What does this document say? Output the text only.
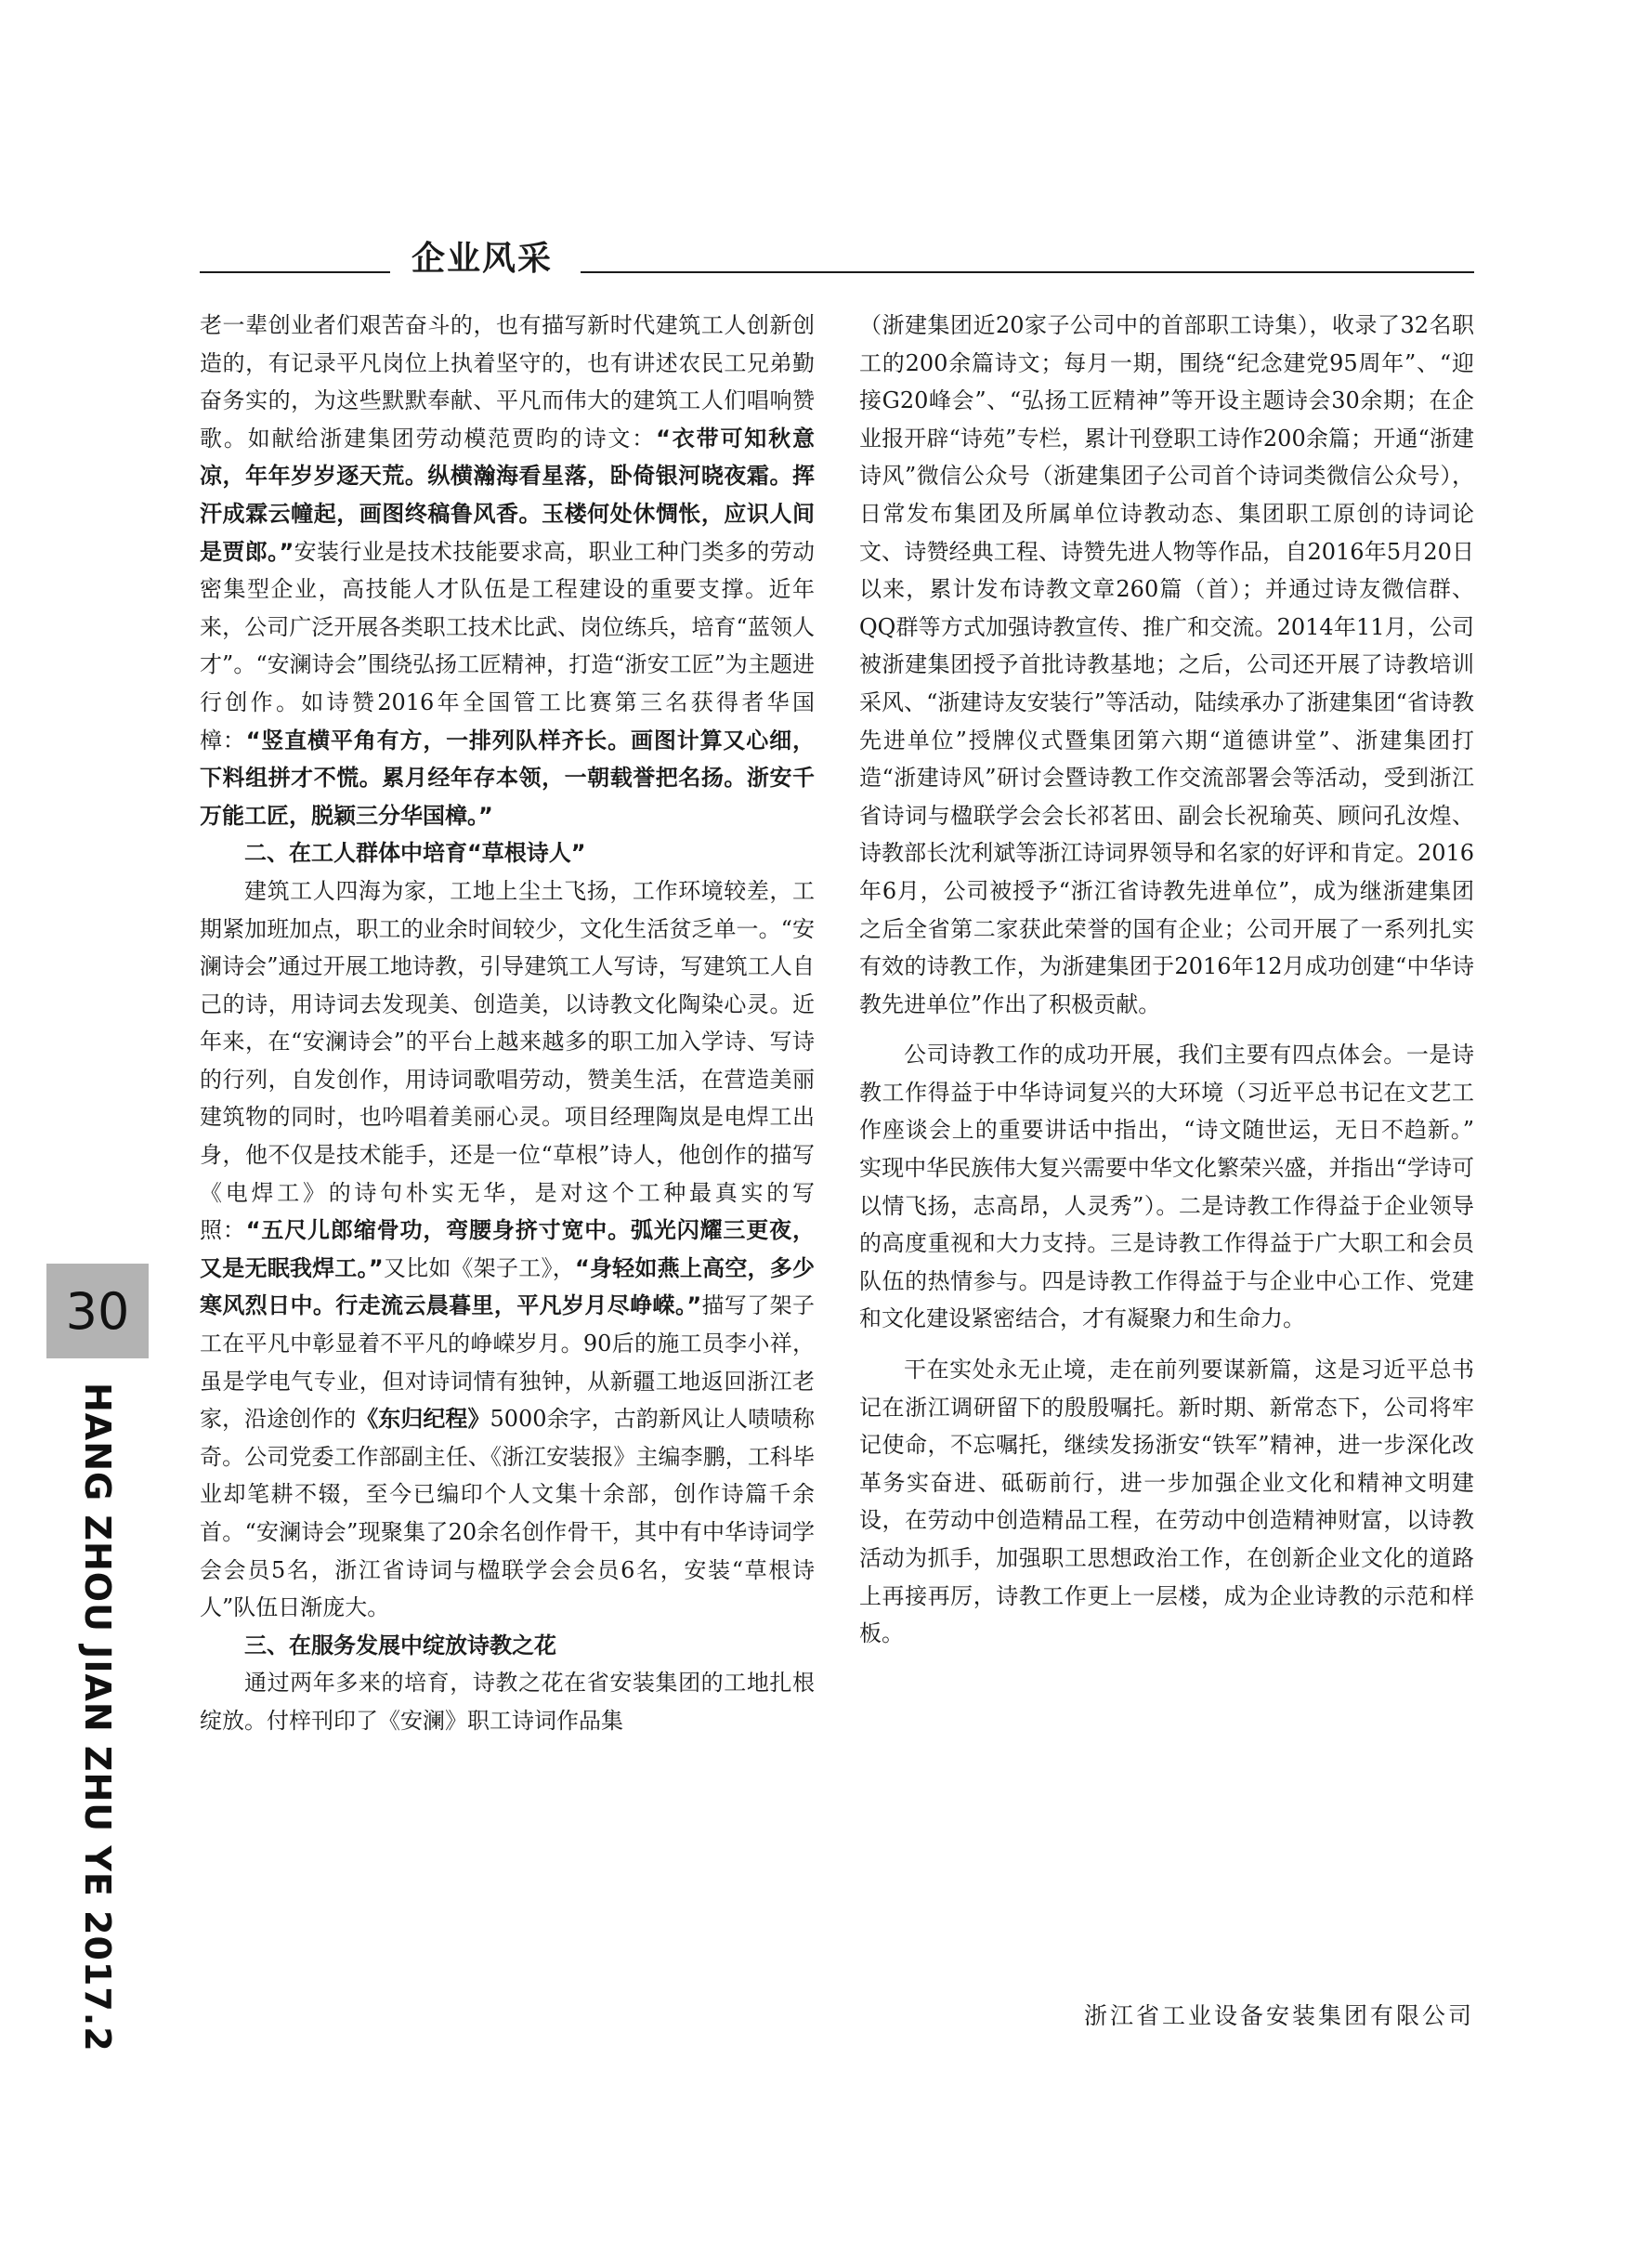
企业风采

老一辈创业者们艰苦奋斗的，也有描写新时代建筑工人创新创造的，有记录平凡岗位上执着坚守的，也有讲述农民工兄弟勤奋务实的，为这些默默奉献、平凡而伟大的建筑工人们唱响赞歌。如献给浙建集团劳动模范贾昀的诗文：“衣带可知秋意凉，年年岁岁逐天荒。纵横瀚海看星落，卧倚银河晓夜霜。挥汗成霖云幢起，画图终稿鲁风香。玉楼何处休惆怅，应识人间是贾郎。”安装行业是技术技能要求高，职业工种门类多的劳动密集型企业，高技能人才队伍是工程建设的重要支撑。近年来，公司广泛开展各类职工技术比武、岗位练兵，培育“蓝领人才”。“安澜诗会”围绕弘扬工匠精神，打造“浙安工匠”为主题进行创作。如诗赞2016年全国管工比赛第三名获得者华国樟：“竖直横平角有方，一排列队样齐长。画图计算又心细，下料组拼才不慌。累月经年存本领，一朝载誉把名扬。浙安千万能工匠，脱颖三分华国樟。”

二、在工人群体中培育“草根诗人”

建筑工人四海为家，工地上尘土飞扬，工作环境较差，工期紧加班加点，职工的业余时间较少，文化生活贫乏单一。“安澜诗会”通过开展工地诗教，引导建筑工人写诗，写建筑工人自己的诗，用诗词去发现美、创造美，以诗教文化陶染心灵。近年来，在“安澜诗会”的平台上越来越多的职工加入学诗、写诗的行列，自发创作，用诗词歌唱劳动，赞美生活，在营造美丽建筑物的同时，也吟唱着美丽心灵。项目经理陶岚是电焊工出身，他不仅是技术能手，还是一位“草根”诗人，他创作的描写《电焊工》的诗句朴实无华，是对这个工种最真实的写照：“五尺儿郎缩骨功，弯腰身挤寸宽中。弧光闪耀三更夜，又是无眠我焊工。”又比如《架子工》，“身轻如燕上高空，多少寒风烈日中。行走流云晨暮里，平凡岁月尽峥嵘。”描写了架子工在平凡中彰显着不平凡的峥嵘岁月。90后的施工员李小祥，虽是学电气专业，但对诗词情有独钟，从新疆工地返回浙江老家，沿途创作的《东归纪程》5000余字，古韵新风让人啧啧称奇。公司党委工作部副主任、《浙江安装报》主编李鹏，工科毕业却笔耕不辍，至今已编印个人文集十余部，创作诗篇千余首。“安澜诗会”现聚集了20余名创作骨干，其中有中华诗词学会会员5名，浙江省诗词与楹联学会会员6名，安装“草根诗人”队伍日渐庞大。

三、在服务发展中绽放诗教之花

通过两年多来的培育，诗教之花在省安装集团的工地扎根绽放。付梓刊印了《安澜》职工诗词作品集

（浙建集团近20家子公司中的首部职工诗集），收录了32名职工的200余篇诗文；每月一期，围绕“纪念建党95周年”、“迎接G20峰会”、“弘扬工匠精神”等开设主题诗会30余期；在企业报开辟“诗苑”专栏，累计刊登职工诗作200余篇；开通“浙建诗风”微信公众号（浙建集团子公司首个诗词类微信公众号），日常发布集团及所属单位诗教动态、集团职工原创的诗词论文、诗赞经典工程、诗赞先进人物等作品，自2016年5月20日以来，累计发布诗教文章260篇（首）；并通过诗友微信群、QQ群等方式加强诗教宣传、推广和交流。2014年11月，公司被浙建集团授予首批诗教基地；之后，公司还开展了诗教培训采风、“浙建诗友安装行”等活动，陆续承办了浙建集团“省诗教先进单位”授牌仪式暨集团第六期“道德讲堂”、浙建集团打造“浙建诗风”研讨会暨诗教工作交流部署会等活动，受到浙江省诗词与楹联学会会长祁茗田、副会长祝瑜英、顾问孔汝煌、诗教部长沈利斌等浙江诗词界领导和名家的好评和肯定。2016年6月，公司被授予“浙江省诗教先进单位”，成为继浙建集团之后全省第二家获此荣誉的国有企业；公司开展了一系列扎实有效的诗教工作，为浙建集团于2016年12月成功创建“中华诗教先进单位”作出了积极贡献。

公司诗教工作的成功开展，我们主要有四点体会。一是诗教工作得益于中华诗词复兴的大环境（习近平总书记在文艺工作座谈会上的重要讲话中指出，“诗文随世运，无日不趋新。” 实现中华民族伟大复兴需要中华文化繁荣兴盛，并指出“学诗可以情飞扬，志高昂，人灵秀”）。二是诗教工作得益于企业领导的高度重视和大力支持。三是诗教工作得益于广大职工和会员队伍的热情参与。四是诗教工作得益于与企业中心工作、党建和文化建设紧密结合，才有凝聚力和生命力。

干在实处永无止境，走在前列要谋新篇，这是习近平总书记在浙江调研留下的殷殷嘱托。新时期、新常态下，公司将牢记使命，不忘嘱托，继续发扬浙安“铁军”精神，进一步深化改革务实奋进、砥砺前行，进一步加强企业文化和精神文明建设，在劳动中创造精品工程，在劳动中创造精神财富，以诗教活动为抓手，加强职工思想政治工作，在创新企业文化的道路上再接再厉，诗教工作更上一层楼，成为企业诗教的示范和样板。

浙江省工业设备安装集团有限公司
30
HANG ZHOU JIAN ZHU YE 2017.2
